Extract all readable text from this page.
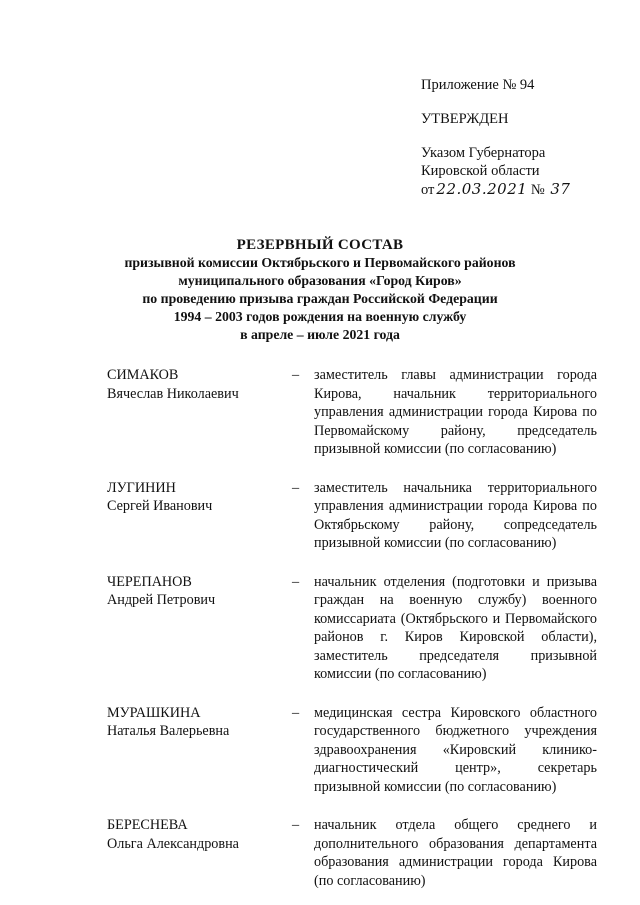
Приложение № 94
УТВЕРЖДЕН
Указом Губернатора
Кировской области
от 22.03.2021 № 37
РЕЗЕРВНЫЙ СОСТАВ
призывной комиссии Октябрьского и Первомайского районов
муниципального образования «Город Киров»
по проведению призыва граждан Российской Федерации
1994 – 2003 годов рождения на военную службу
в апреле – июле 2021 года
СИМАКОВ
Вячеслав Николаевич
–	заместитель главы администрации города Кирова, начальник территориального управления администрации города Кирова по Первомайскому району, председатель призывной комиссии (по согласованию)
ЛУГИНИН
Сергей Иванович
–	заместитель начальника территориального управления администрации города Кирова по Октябрьскому району, сопредседатель призывной комиссии (по согласованию)
ЧЕРЕПАНОВ
Андрей Петрович
–	начальник отделения (подготовки и призыва граждан на военную службу) военного комиссариата (Октябрьского и Первомайского районов г. Киров Кировской области), заместитель председателя призывной комиссии (по согласованию)
МУРАШКИНА
Наталья Валерьевна
–	медицинская сестра Кировского областного государственного бюджетного учреждения здравоохранения «Кировский клинико-диагностический центр», секретарь призывной комиссии (по согласованию)
БЕРЕСНЕВА
Ольга Александровна
–	начальник отдела общего среднего и дополнительного образования департамента образования администрации города Кирова (по согласованию)
